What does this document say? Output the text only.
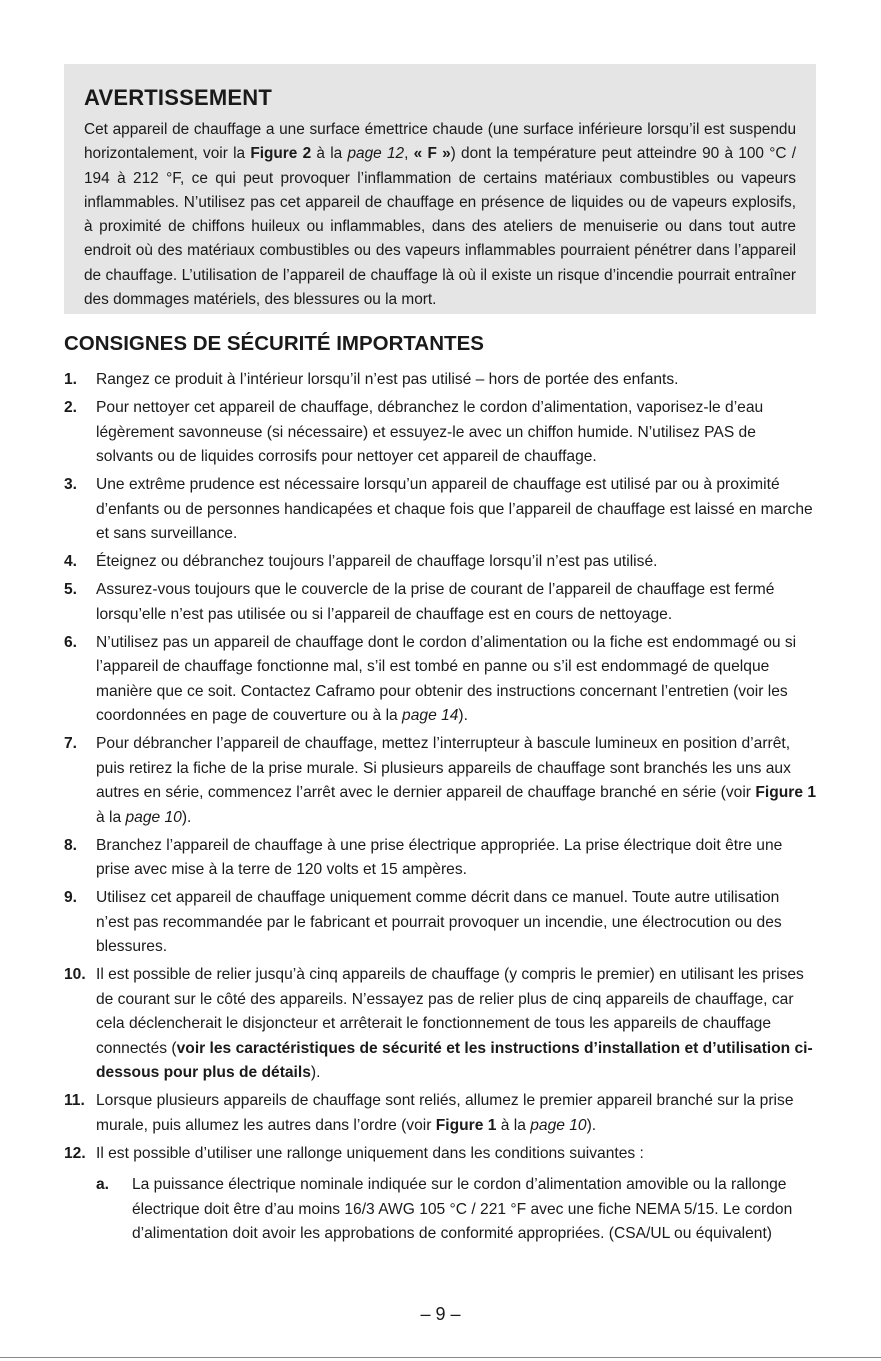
AVERTISSEMENT

Cet appareil de chauffage a une surface émettrice chaude (une surface inférieure lorsqu’il est suspendu horizontalement, voir la Figure 2 à la page 12, « F ») dont la température peut atteindre 90 à 100 °C / 194 à 212 °F, ce qui peut provoquer l’inflammation de certains matériaux combustibles ou vapeurs inflammables. N’utilisez pas cet appareil de chauffage en présence de liquides ou de vapeurs explosifs, à proximité de chiffons huileux ou inflammables, dans des ateliers de menuiserie ou dans tout autre endroit où des matériaux combustibles ou des vapeurs inflammables pourraient pénétrer dans l’appareil de chauffage. L’utilisation de l’appareil de chauffage là où il existe un risque d’incendie pourrait entraîner des dommages matériels, des blessures ou la mort.

CONSIGNES DE SÉCURITÉ IMPORTANTES
1. Rangez ce produit à l’intérieur lorsqu’il n’est pas utilisé – hors de portée des enfants.
2. Pour nettoyer cet appareil de chauffage, débranchez le cordon d’alimentation, vaporisez-le d’eau légèrement savonneuse (si nécessaire) et essuyez-le avec un chiffon humide. N’utilisez PAS de solvants ou de liquides corrosifs pour nettoyer cet appareil de chauffage.
3. Une extrême prudence est nécessaire lorsqu’un appareil de chauffage est utilisé par ou à proximité d’enfants ou de personnes handicapées et chaque fois que l’appareil de chauffage est laissé en marche et sans surveillance.
4. Éteignez ou débranchez toujours l’appareil de chauffage lorsqu’il n’est pas utilisé.
5. Assurez-vous toujours que le couvercle de la prise de courant de l’appareil de chauffage est fermé lorsqu’elle n’est pas utilisée ou si l’appareil de chauffage est en cours de nettoyage.
6. N’utilisez pas un appareil de chauffage dont le cordon d’alimentation ou la fiche est endommagé ou si l’appareil de chauffage fonctionne mal, s’il est tombé en panne ou s’il est endommagé de quelque manière que ce soit. Contactez Caframo pour obtenir des instructions concernant l’entretien (voir les coordonnées en page de couverture ou à la page 14).
7. Pour débrancher l’appareil de chauffage, mettez l’interrupteur à bascule lumineux en position d’arrêt, puis retirez la fiche de la prise murale. Si plusieurs appareils de chauffage sont branchés les uns aux autres en série, commencez l’arrêt avec le dernier appareil de chauffage branché en série (voir Figure 1 à la page 10).
8. Branchez l’appareil de chauffage à une prise électrique appropriée. La prise électrique doit être une prise avec mise à la terre de 120 volts et 15 ampères.
9. Utilisez cet appareil de chauffage uniquement comme décrit dans ce manuel. Toute autre utilisation n’est pas recommandée par le fabricant et pourrait provoquer un incendie, une électrocution ou des blessures.
10. Il est possible de relier jusqu’à cinq appareils de chauffage (y compris le premier) en utilisant les prises de courant sur le côté des appareils. N’essayez pas de relier plus de cinq appareils de chauffage, car cela déclencherait le disjoncteur et arrêterait le fonctionnement de tous les appareils de chauffage connectés (voir les caractéristiques de sécurité et les instructions d’installation et d’utilisation ci-dessous pour plus de détails).
11. Lorsque plusieurs appareils de chauffage sont reliés, allumez le premier appareil branché sur la prise murale, puis allumez les autres dans l’ordre (voir Figure 1 à la page 10).
12. Il est possible d’utiliser une rallonge uniquement dans les conditions suivantes :
a. La puissance électrique nominale indiquée sur le cordon d’alimentation amovible ou la rallonge électrique doit être d’au moins 16/3 AWG 105 °C / 221 °F avec une fiche NEMA 5/15. Le cordon d’alimentation doit avoir les approbations de conformité appropriées. (CSA/UL ou équivalent)
– 9 –
